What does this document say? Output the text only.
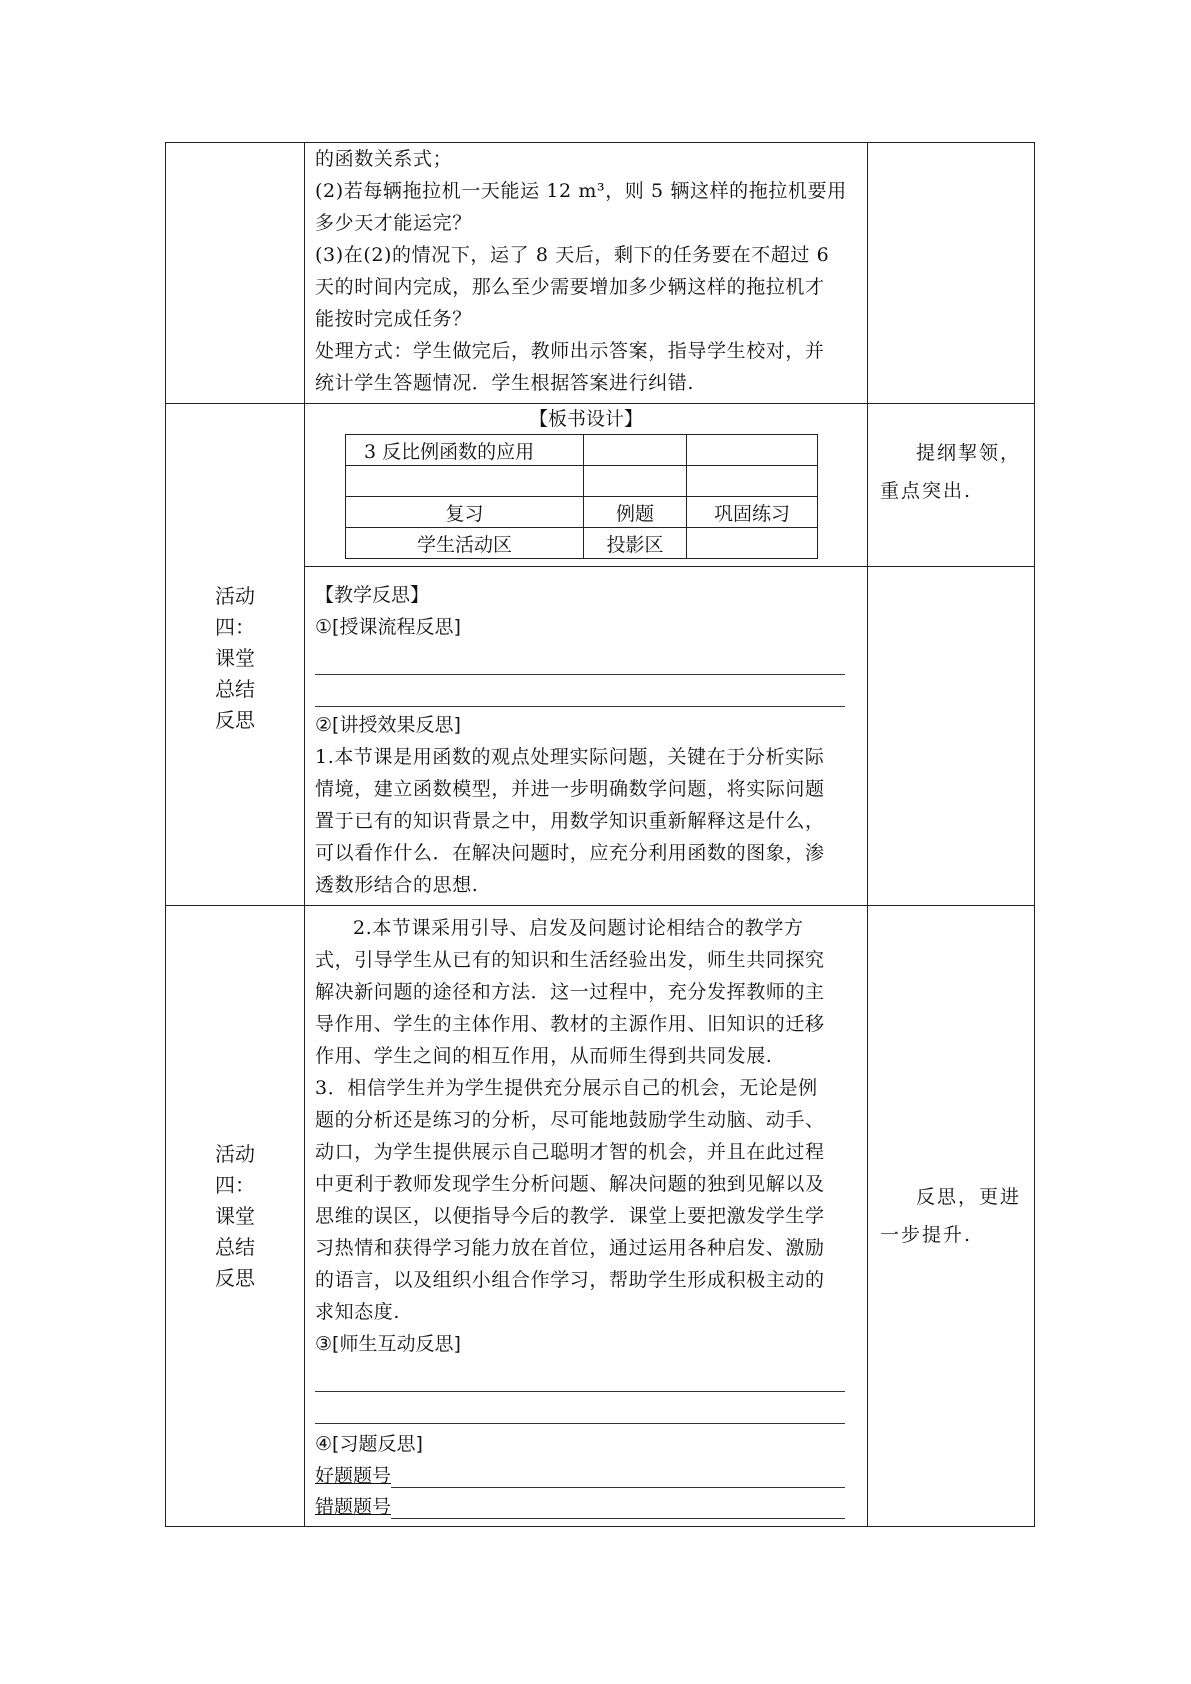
的函数关系式；

(2)若每辆拖拉机一天能运 12 m³，则 5 辆这样的拖拉机要用

多少天才能运完？

(3)在(2)的情况下，运了 8 天后，剩下的任务要在不超过 6

天的时间内完成，那么至少需要增加多少辆这样的拖拉机才

能按时完成任务？

处理方式：学生做完后，教师出示答案，指导学生校对，并

统计学生答题情况．学生根据答案进行纠错.

【板书设计】

3 反比例函数的应用		

复习	例题	巩固练习
学生活动区	投影区	

提纲挈领，
重点突出.

活动
四：
课堂
总结
反思

【教学反思】

①[授课流程反思]

②[讲授效果反思]

1.本节课是用函数的观点处理实际问题，关键在于分析实际

情境，建立函数模型，并进一步明确数学问题，将实际问题

置于已有的知识背景之中，用数学知识重新解释这是什么，

可以看作什么．在解决问题时，应充分利用函数的图象，渗

透数形结合的思想.

活动
四：
课堂
总结
反思

2.本节课采用引导、启发及问题讨论相结合的教学方

式，引导学生从已有的知识和生活经验出发，师生共同探究

解决新问题的途径和方法．这一过程中，充分发挥教师的主

导作用、学生的主体作用、教材的主源作用、旧知识的迁移

作用、学生之间的相互作用，从而师生得到共同发展.

3．相信学生并为学生提供充分展示自己的机会，无论是例

题的分析还是练习的分析，尽可能地鼓励学生动脑、动手、

动口，为学生提供展示自己聪明才智的机会，并且在此过程

中更利于教师发现学生分析问题、解决问题的独到见解以及

思维的误区，以便指导今后的教学．课堂上要把激发学生学

习热情和获得学习能力放在首位，通过运用各种启发、激励

的语言，以及组织小组合作学习，帮助学生形成积极主动的

求知态度.

③[师生互动反思]

④[习题反思]

好题题号
错题题号

反思，更进
一步提升.
